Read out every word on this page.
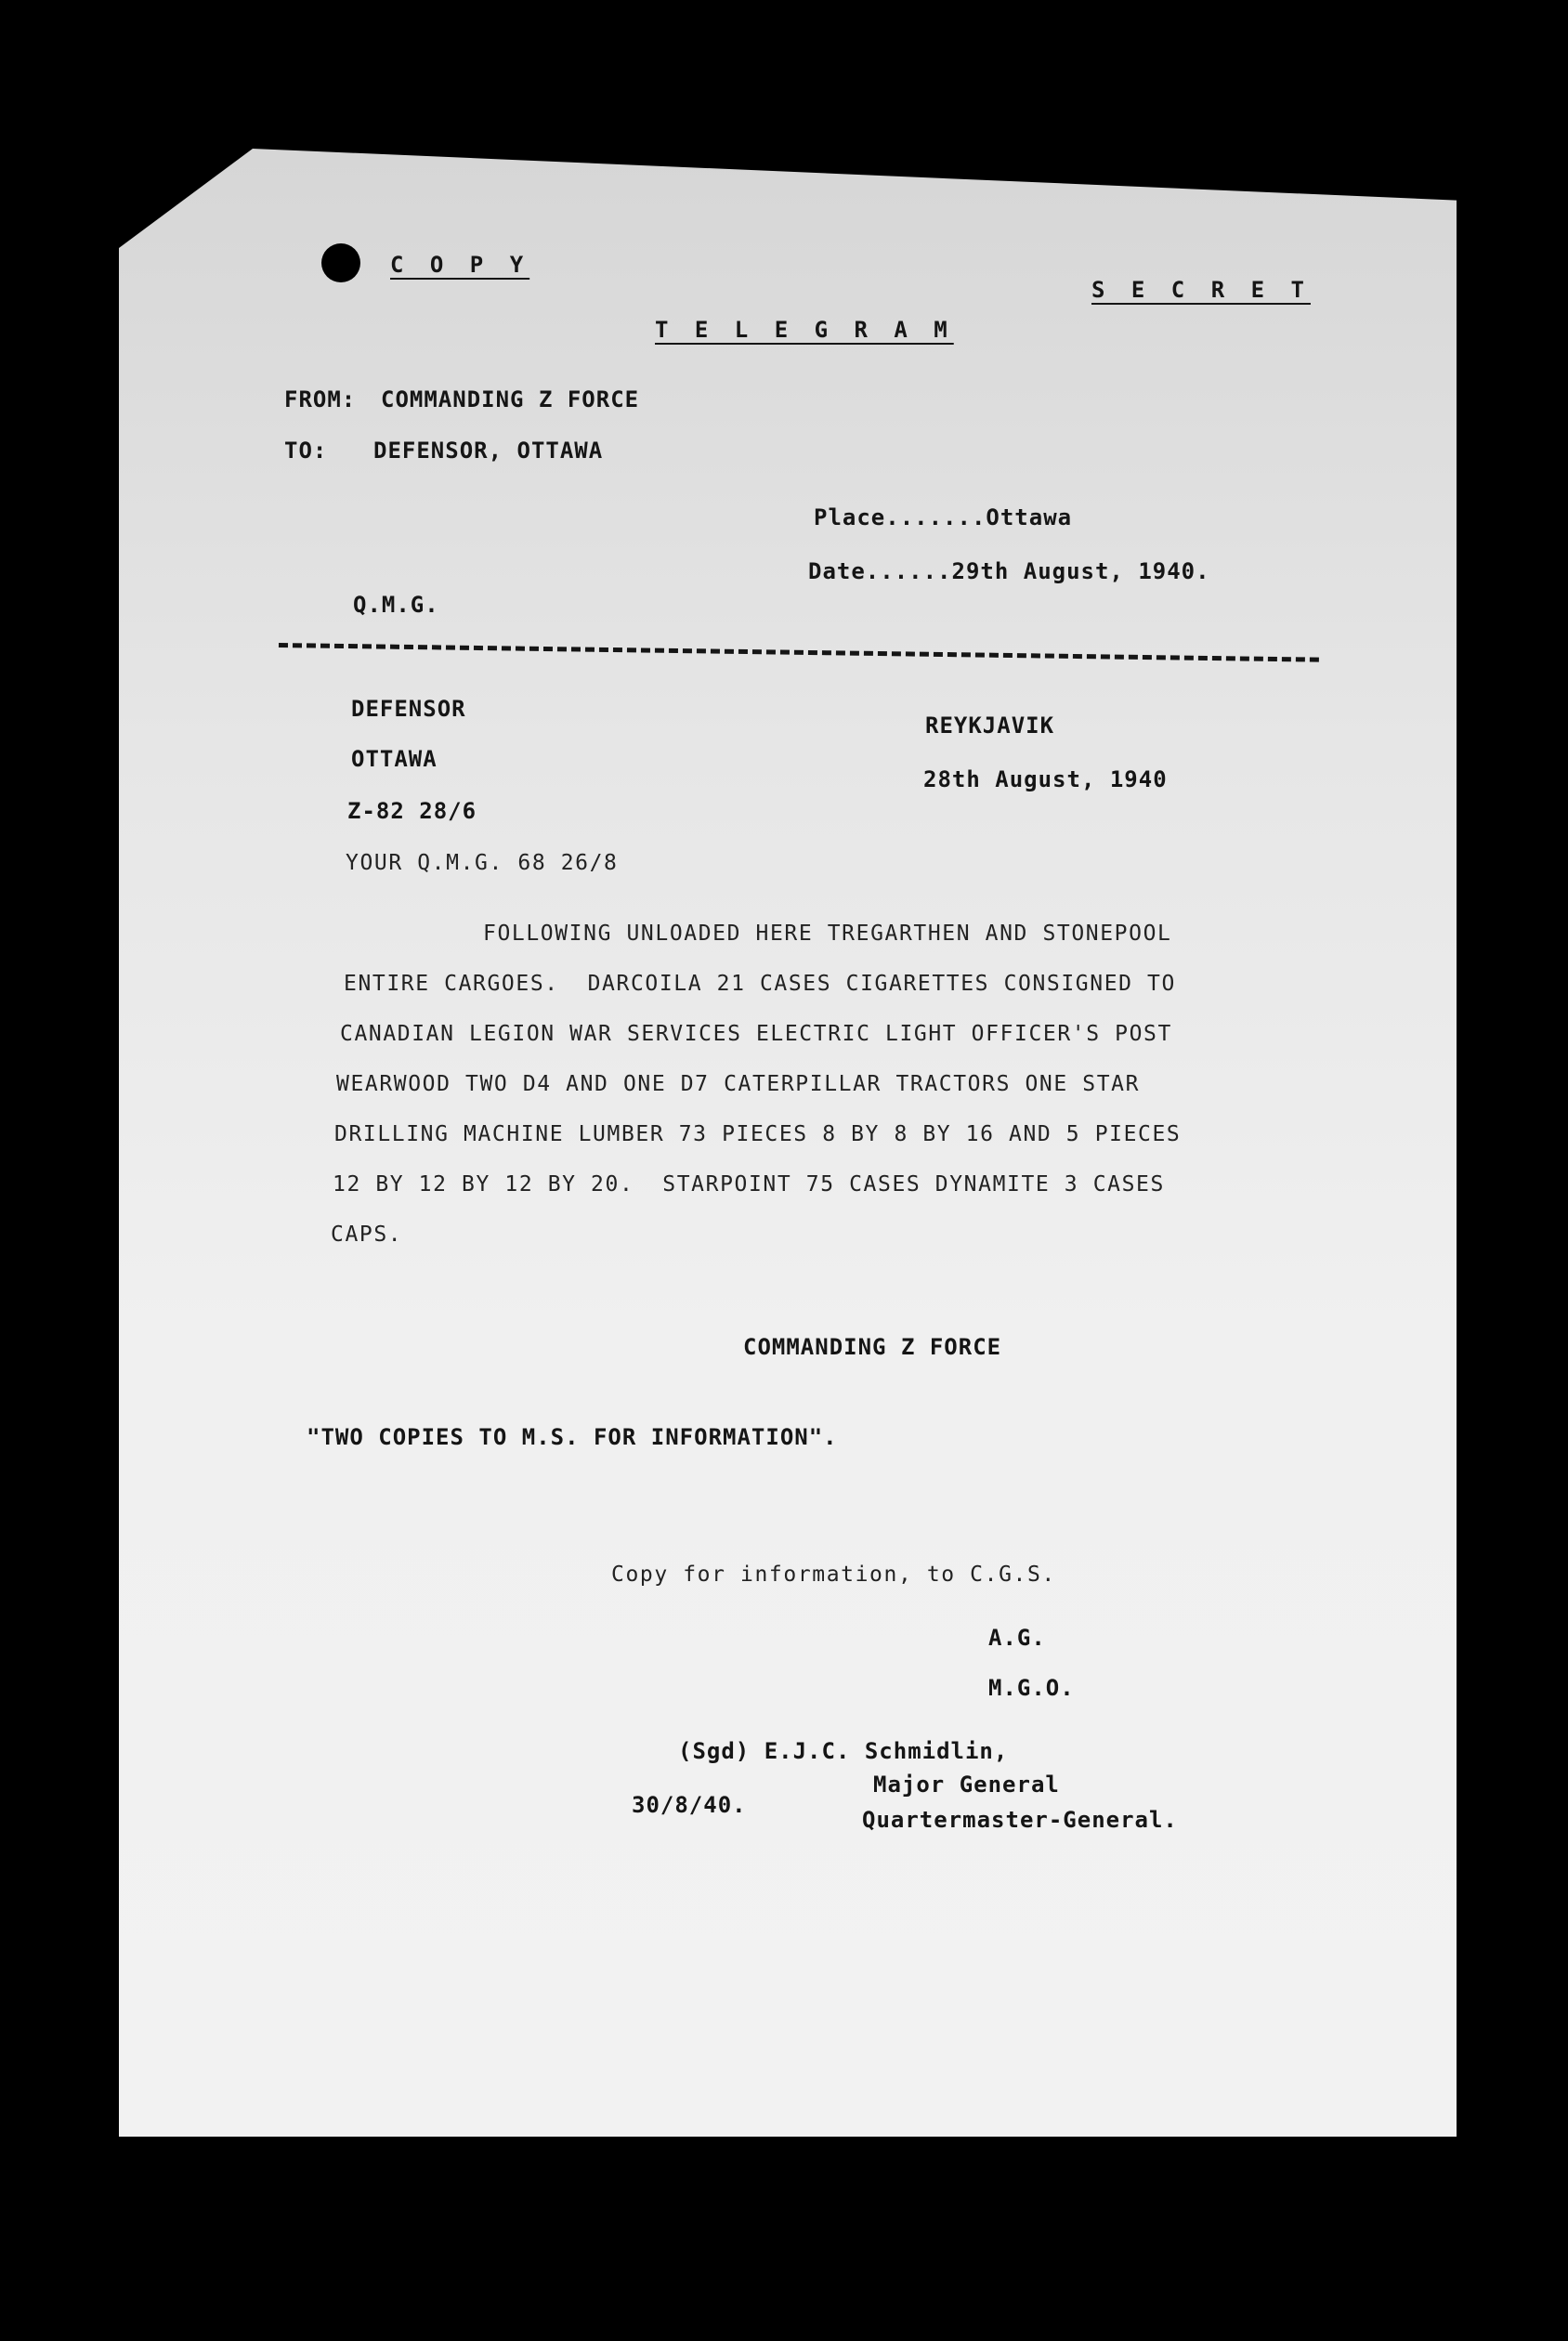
C O P Y

S E C R E T

T E L E G R A M

FROM: COMMANDING Z FORCE

TO: DEFENSOR, OTTAWA

Place.......Ottawa

Date......29th August, 1940.

Q.M.G.

DEFENSOR

OTTAWA

REYKJAVIK

28th August, 1940

Z-82 28/6

YOUR Q.M.G. 68 26/8

FOLLOWING UNLOADED HERE TREGARTHEN AND STONEPOOL

ENTIRE CARGOES.  DARCOILA 21 CASES CIGARETTES CONSIGNED TO

CANADIAN LEGION WAR SERVICES ELECTRIC LIGHT OFFICER'S POST

WEARWOOD TWO D4 AND ONE D7 CATERPILLAR TRACTORS ONE STAR

DRILLING MACHINE LUMBER 73 PIECES 8 BY 8 BY 16 AND 5 PIECES

12 BY 12 BY 12 BY 20.  STARPOINT 75 CASES DYNAMITE 3 CASES

CAPS.

COMMANDING Z FORCE

"TWO COPIES TO M.S. FOR INFORMATION".

Copy for information, to C.G.S.

A.G.

M.G.O.

(Sgd) E.J.C. Schmidlin,

Major General

Quartermaster-General.

30/8/40.
